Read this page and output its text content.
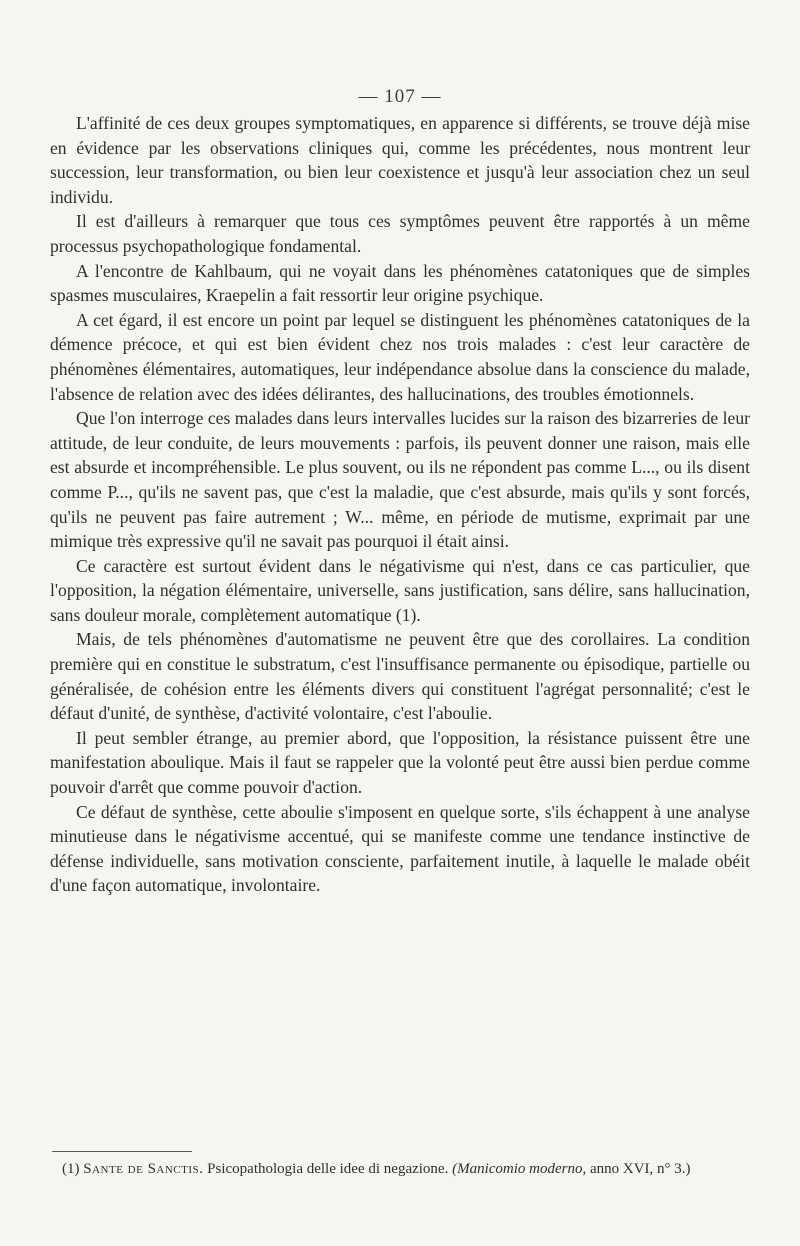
— 107 —

L'affinité de ces deux groupes symptomatiques, en apparence si différents, se trouve déjà mise en évidence par les observations cliniques qui, comme les précédentes, nous montrent leur succession, leur transformation, ou bien leur coexistence et jusqu'à leur association chez un seul individu.

Il est d'ailleurs à remarquer que tous ces symptômes peuvent être rapportés à un même processus psychopathologique fondamental.

A l'encontre de Kahlbaum, qui ne voyait dans les phénomènes catatoniques que de simples spasmes musculaires, Kraepelin a fait ressortir leur origine psychique.

A cet égard, il est encore un point par lequel se distinguent les phénomènes catatoniques de la démence précoce, et qui est bien évident chez nos trois malades : c'est leur caractère de phénomènes élémentaires, automatiques, leur indépendance absolue dans la conscience du malade, l'absence de relation avec des idées délirantes, des hallucinations, des troubles émotionnels.

Que l'on interroge ces malades dans leurs intervalles lucides sur la raison des bizarreries de leur attitude, de leur conduite, de leurs mouvements : parfois, ils peuvent donner une raison, mais elle est absurde et incompréhensible. Le plus souvent, ou ils ne répondent pas comme L..., ou ils disent comme P..., qu'ils ne savent pas, que c'est la maladie, que c'est absurde, mais qu'ils y sont forcés, qu'ils ne peuvent pas faire autrement ; W... même, en période de mutisme, exprimait par une mimique très expressive qu'il ne savait pas pourquoi il était ainsi.

Ce caractère est surtout évident dans le négativisme qui n'est, dans ce cas particulier, que l'opposition, la négation élémentaire, universelle, sans justification, sans délire, sans hallucination, sans douleur morale, complètement automatique (1).

Mais, de tels phénomènes d'automatisme ne peuvent être que des corollaires. La condition première qui en constitue le substratum, c'est l'insuffisance permanente ou épisodique, partielle ou généralisée, de cohésion entre les éléments divers qui constituent l'agrégat personnalité; c'est le défaut d'unité, de synthèse, d'activité volontaire, c'est l'aboulie.

Il peut sembler étrange, au premier abord, que l'opposition, la résistance puissent être une manifestation aboulique. Mais il faut se rappeler que la volonté peut être aussi bien perdue comme pouvoir d'arrêt que comme pouvoir d'action.

Ce défaut de synthèse, cette aboulie s'imposent en quelque sorte, s'ils échappent à une analyse minutieuse dans le négativisme accentué, qui se manifeste comme une tendance instinctive de défense individuelle, sans motivation consciente, parfaitement inutile, à laquelle le malade obéit d'une façon automatique, involontaire.

(1) Sante de Sanctis. Psicopathologia delle idee di negazione. (Manicomio moderno, anno XVI, n° 3.)
